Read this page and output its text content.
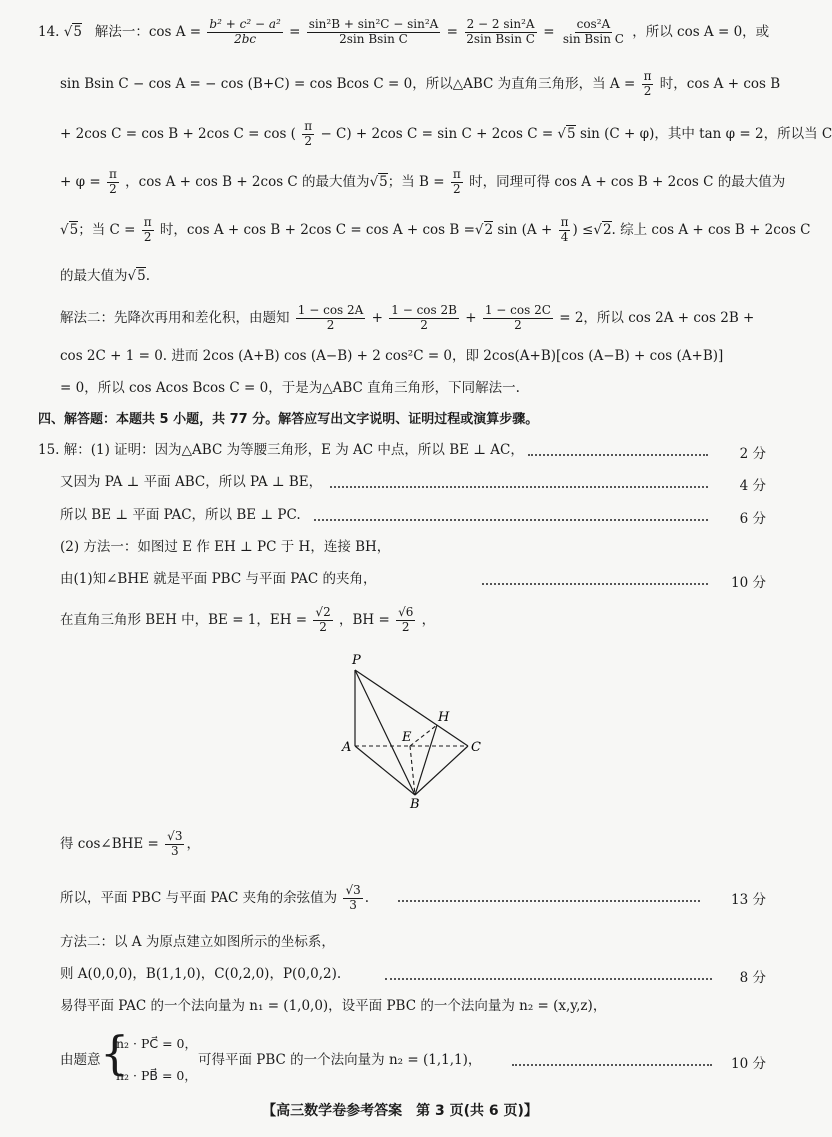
14. √5 解法一：$\cos A = \frac{\text{b² + c² − a²}}{2bc} = \frac{\text{sin²B + sin²C − sin²A}}{\text{2sin Bsin C}} = \frac{\text{2 − 2 sin²A}}{\text{2sin Bsin C}} = \frac{\text{cos²A}}{\text{sin Bsin C}}$ ，所以 cos A = 0，或
sin Bsin C − cos A = − cos (B+C) = cos Bcos C = 0，所以△ABC 为直角三角形，当 $A = \frac{\pi}{2}$ 时，cos A + cos B
+ 2cos C = cos B + 2cos C = cos ( $\frac{\pi}{2} - C) + 2\cos$ C = sin C + 2cos C = √5 sin (C + φ)，其中 tan φ = 2，所以当 C
+ $\varphi = \frac{\pi}{2}$ ，cos A + cos B + 2cos C 的最大值为√5；当 $B = \frac{\pi}{2}$ 时，同理可得 cos A + cos B + 2cos C 的最大值为
√5；当 $C = \frac{\pi}{2}$ 时，cos A + cos B + 2cos C = cos A + cos B =√2 $\sin (A + \frac{\pi}{4}$ ) ≤√2. 综上 cos A + cos B + 2cos C
的最大值为√5.
解法二：先降次再用和差化积，由题知 $\frac{1 - \cos 2A}{2} + \frac{1 - \cos 2B}{2} + \frac{1 - \cos 2C}{2} = 2$，所以 cos 2A + cos 2B +
cos 2C + 1 = 0. 进而 2cos (A+B) cos (A−B) + 2 cos²C = 0，即 2cos(A+B)[cos (A−B) + cos (A+B)]
= 0，所以 cos Acos Bcos C = 0，于是为△ABC 直角三角形，下同解法一.
四、解答题：本题共 5 小题，共 77 分。解答应写出文字说明、证明过程或演算步骤。
15. 解：(1) 证明：因为△ABC 为等腰三角形，E 为 AC 中点，所以 BE ⊥ AC，	2 分
又因为 PA ⊥ 平面 ABC，所以 PA ⊥ BE，	4 分
所以 BE ⊥ 平面 PAC，所以 BE ⊥ PC.	6 分
(2) 方法一：如图过 E 作 EH ⊥ PC 于 H，连接 BH，
由(1)知∠BHE 就是平面 PBC 与平面 PAC 的夹角，	10 分
在直角三角形 BEH 中，BE = 1，EH = $\frac{√2}{2}$ ，BH = $\frac{√6}{2}$ ，
P
A
E
H
C
B
得 cos∠BHE = $\frac{√3}{3}$ ，
所以，平面 PBC 与平面 PAC 夹角的余弦值为 $\frac{√3}{3}$ .	13 分
方法二：以 A 为原点建立如图所示的坐标系，
则 A(0,0,0)，B(1,1,0)，C(0,2,0)，P(0,0,2).	8 分
易得平面 PAC 的一个法向量为 n₁ = (1,0,0)，设平面 PBC 的一个法向量为 n₂ = (x,y,z)，
由题意 {
n₂ · PC⃗ = 0，
n₂ · PB⃗ = 0，
可得平面 PBC 的一个法向量为 n₂ = (1,1,1)，	10 分
【高三数学卷参考答案　第 3 页(共 6 页)】
